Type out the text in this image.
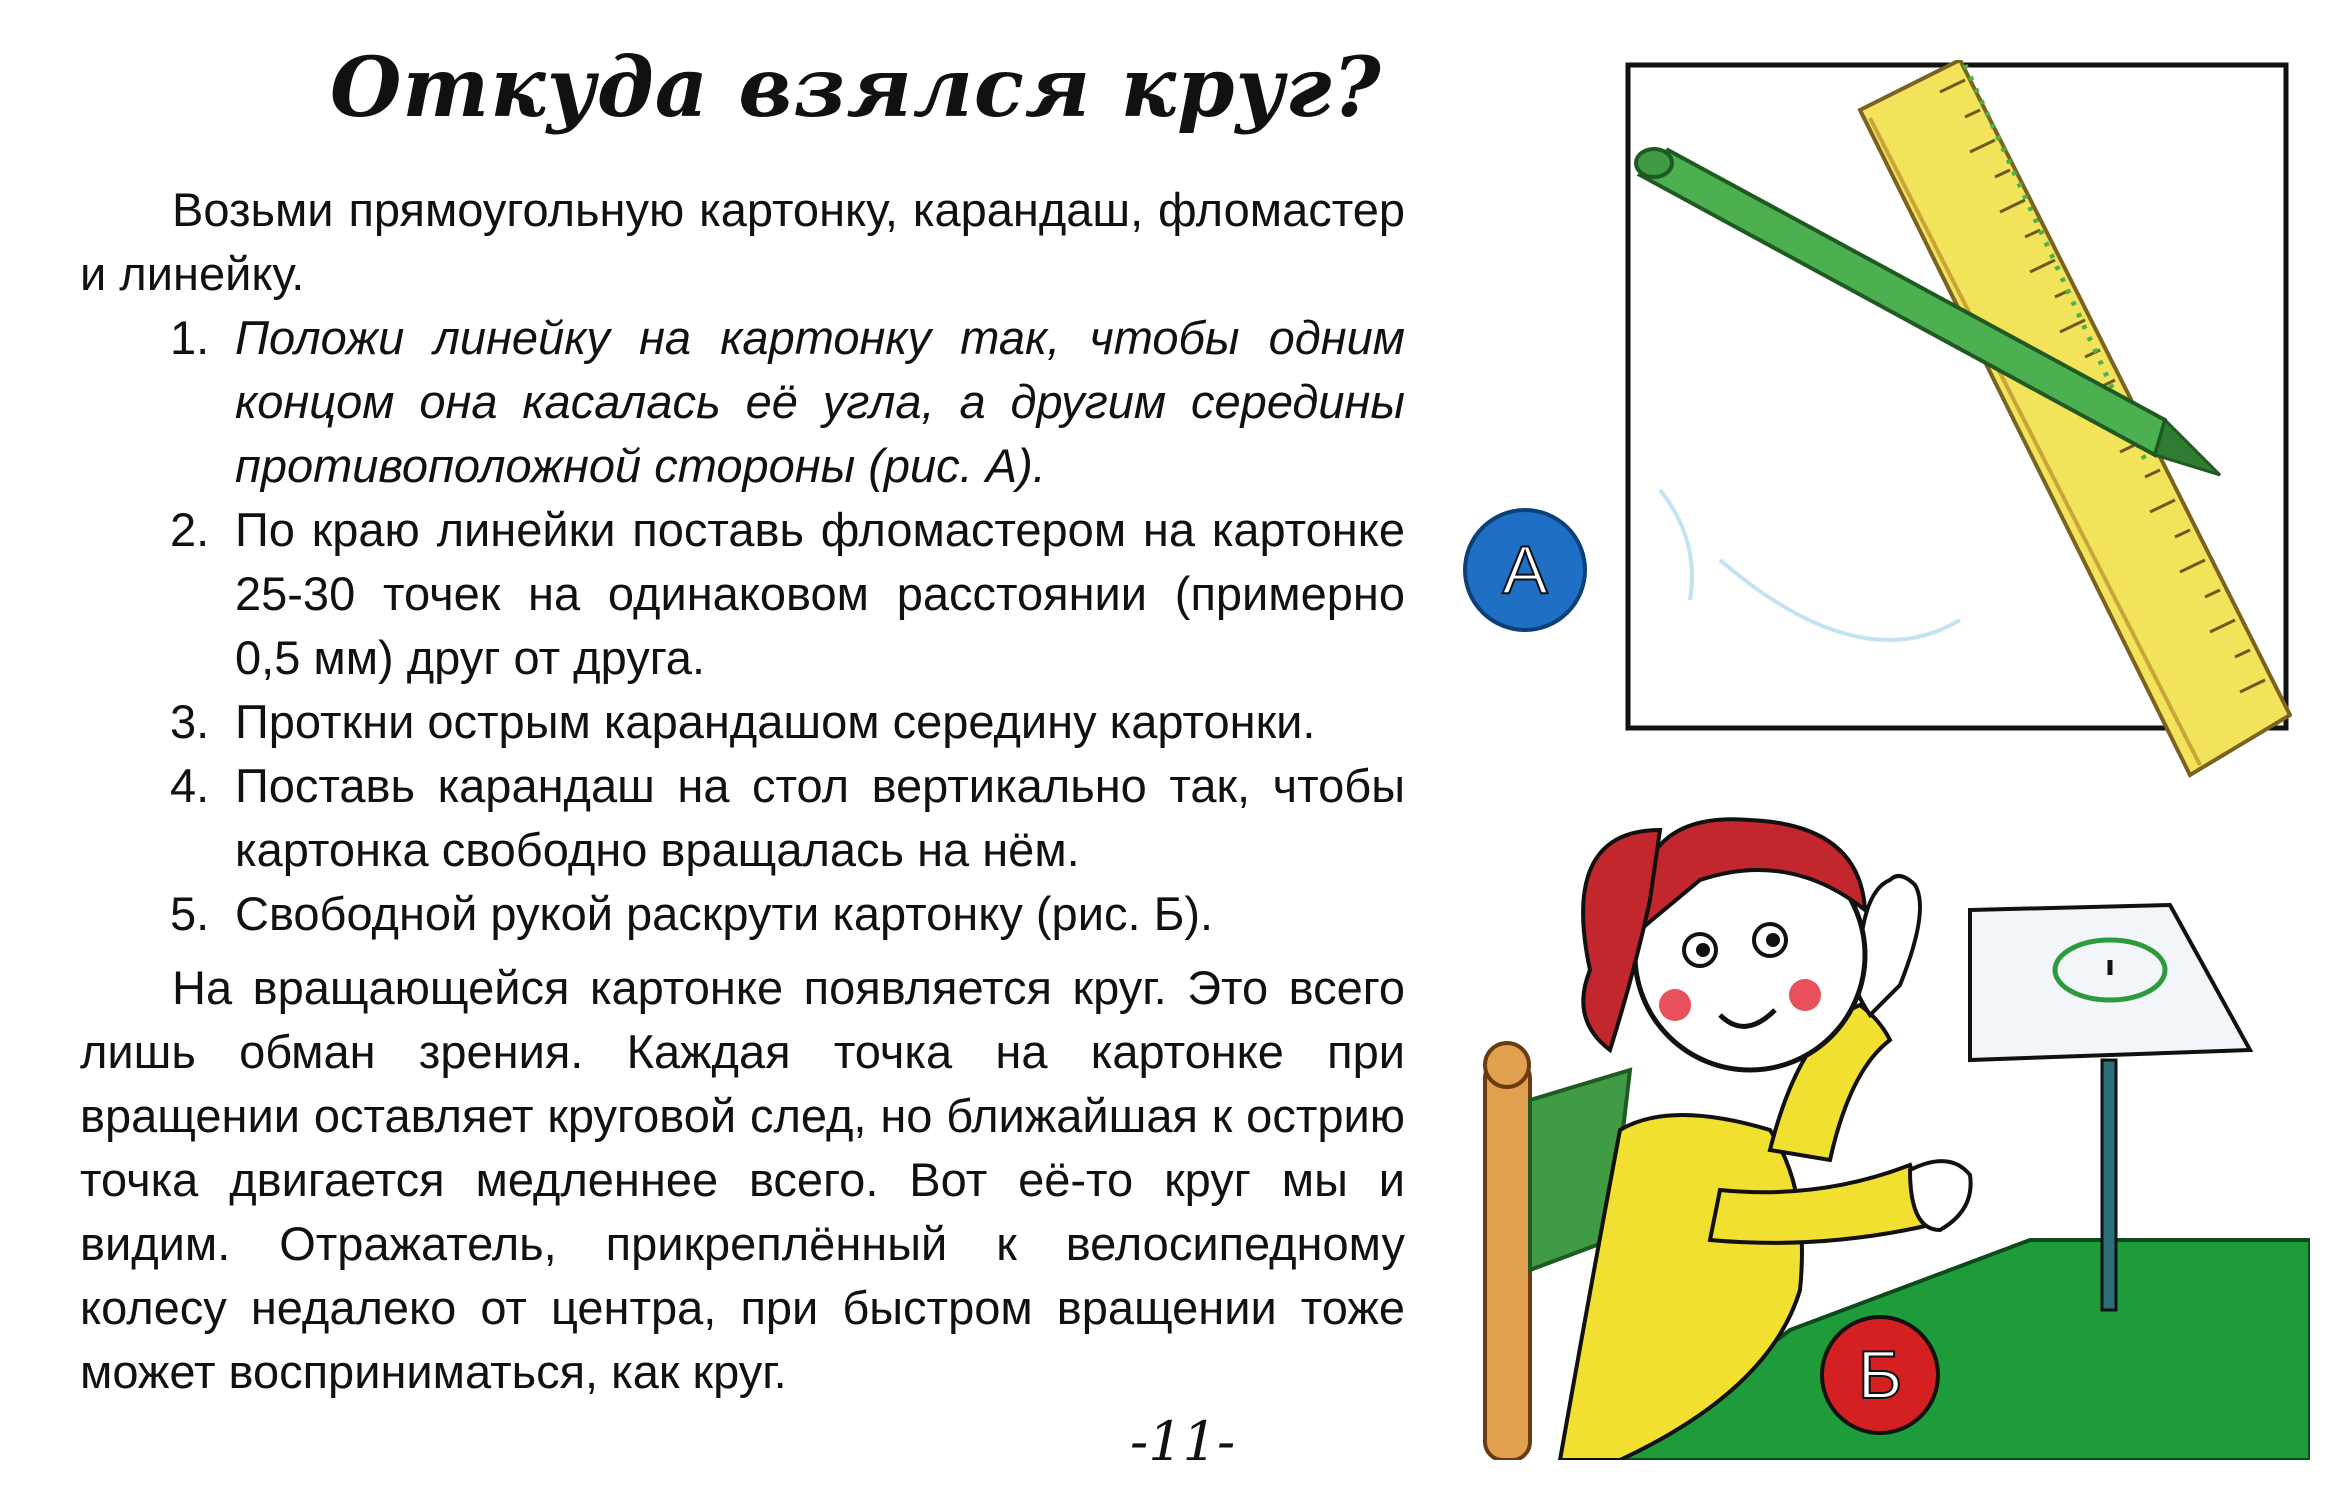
Откуда взялся круг?

Возьми прямоугольную картонку, карандаш, фломастер и линейку.

1. Положи линейку на картонку так, чтобы одним концом она касалась её угла, а другим середины противоположной стороны (рис. А).
2. По краю линейки поставь фломастером на картонке 25-30 точек на одинаковом расстоянии (примерно 0,5 мм) друг от друга.
3. Проткни острым карандашом середину картонки.
4. Поставь карандаш на стол вертикально так, чтобы картонка свободно вращалась на нём.
5. Свободной рукой раскрути картонку (рис. Б).

На вращающейся картонке появляется круг. Это всего лишь обман зрения. Каждая точка на картонке при вращении оставляет круговой след, но ближайшая к острию точка двигается медленнее всего. Вот её-то круг мы и видим. Отражатель, прикреплённый к велосипедному колесу недалеко от центра, при быстром вращении тоже может восприниматься, как круг.

-11-
А
Б
